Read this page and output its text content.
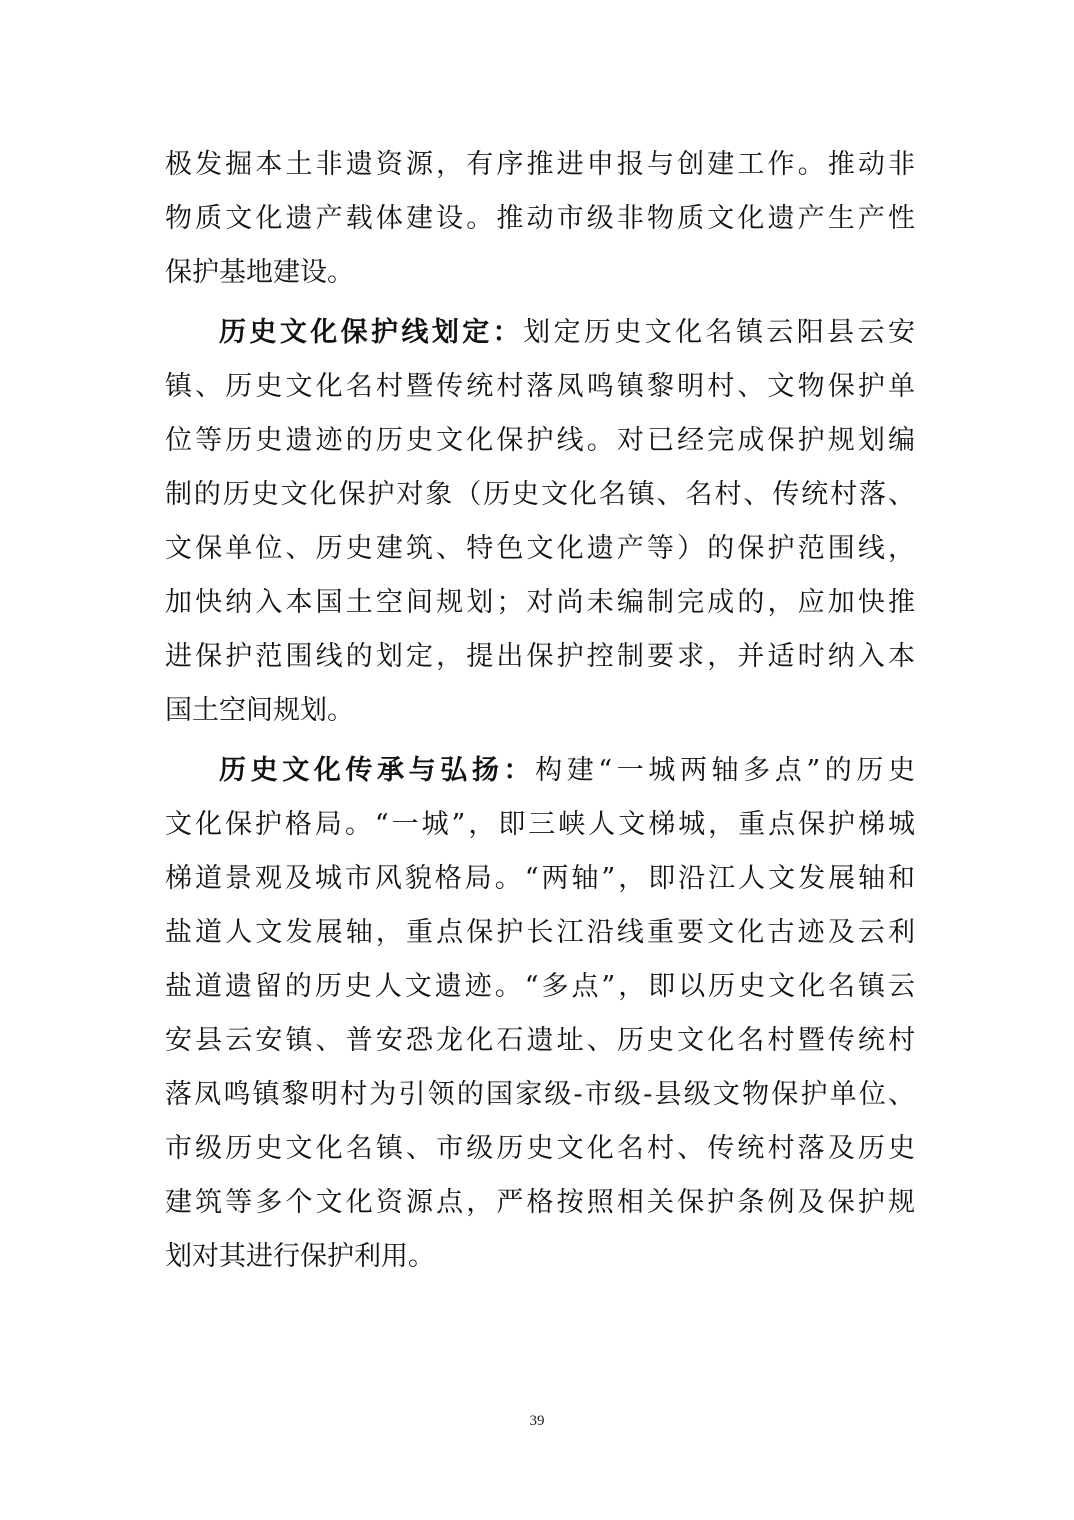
极发掘本土非遗资源，有序推进申报与创建工作。推动非
物质文化遗产载体建设。推动市级非物质文化遗产生产性
保护基地建设。
历史文化保护线划定：划定历史文化名镇云阳县云安
镇、历史文化名村暨传统村落凤鸣镇黎明村、文物保护单
位等历史遗迹的历史文化保护线。对已经完成保护规划编
制的历史文化保护对象（历史文化名镇、名村、传统村落、
文保单位、历史建筑、特色文化遗产等）的保护范围线，
加快纳入本国土空间规划；对尚未编制完成的，应加快推
进保护范围线的划定，提出保护控制要求，并适时纳入本
国土空间规划。
历史文化传承与弘扬：构建“一城两轴多点”的历史
文化保护格局。“一城”，即三峡人文梯城，重点保护梯城
梯道景观及城市风貌格局。“两轴”，即沿江人文发展轴和
盐道人文发展轴，重点保护长江沿线重要文化古迹及云利
盐道遗留的历史人文遗迹。“多点”，即以历史文化名镇云
安县云安镇、普安恐龙化石遗址、历史文化名村暨传统村
落凤鸣镇黎明村为引领的国家级-市级-县级文物保护单位、
市级历史文化名镇、市级历史文化名村、传统村落及历史
建筑等多个文化资源点，严格按照相关保护条例及保护规
划对其进行保护利用。
39
